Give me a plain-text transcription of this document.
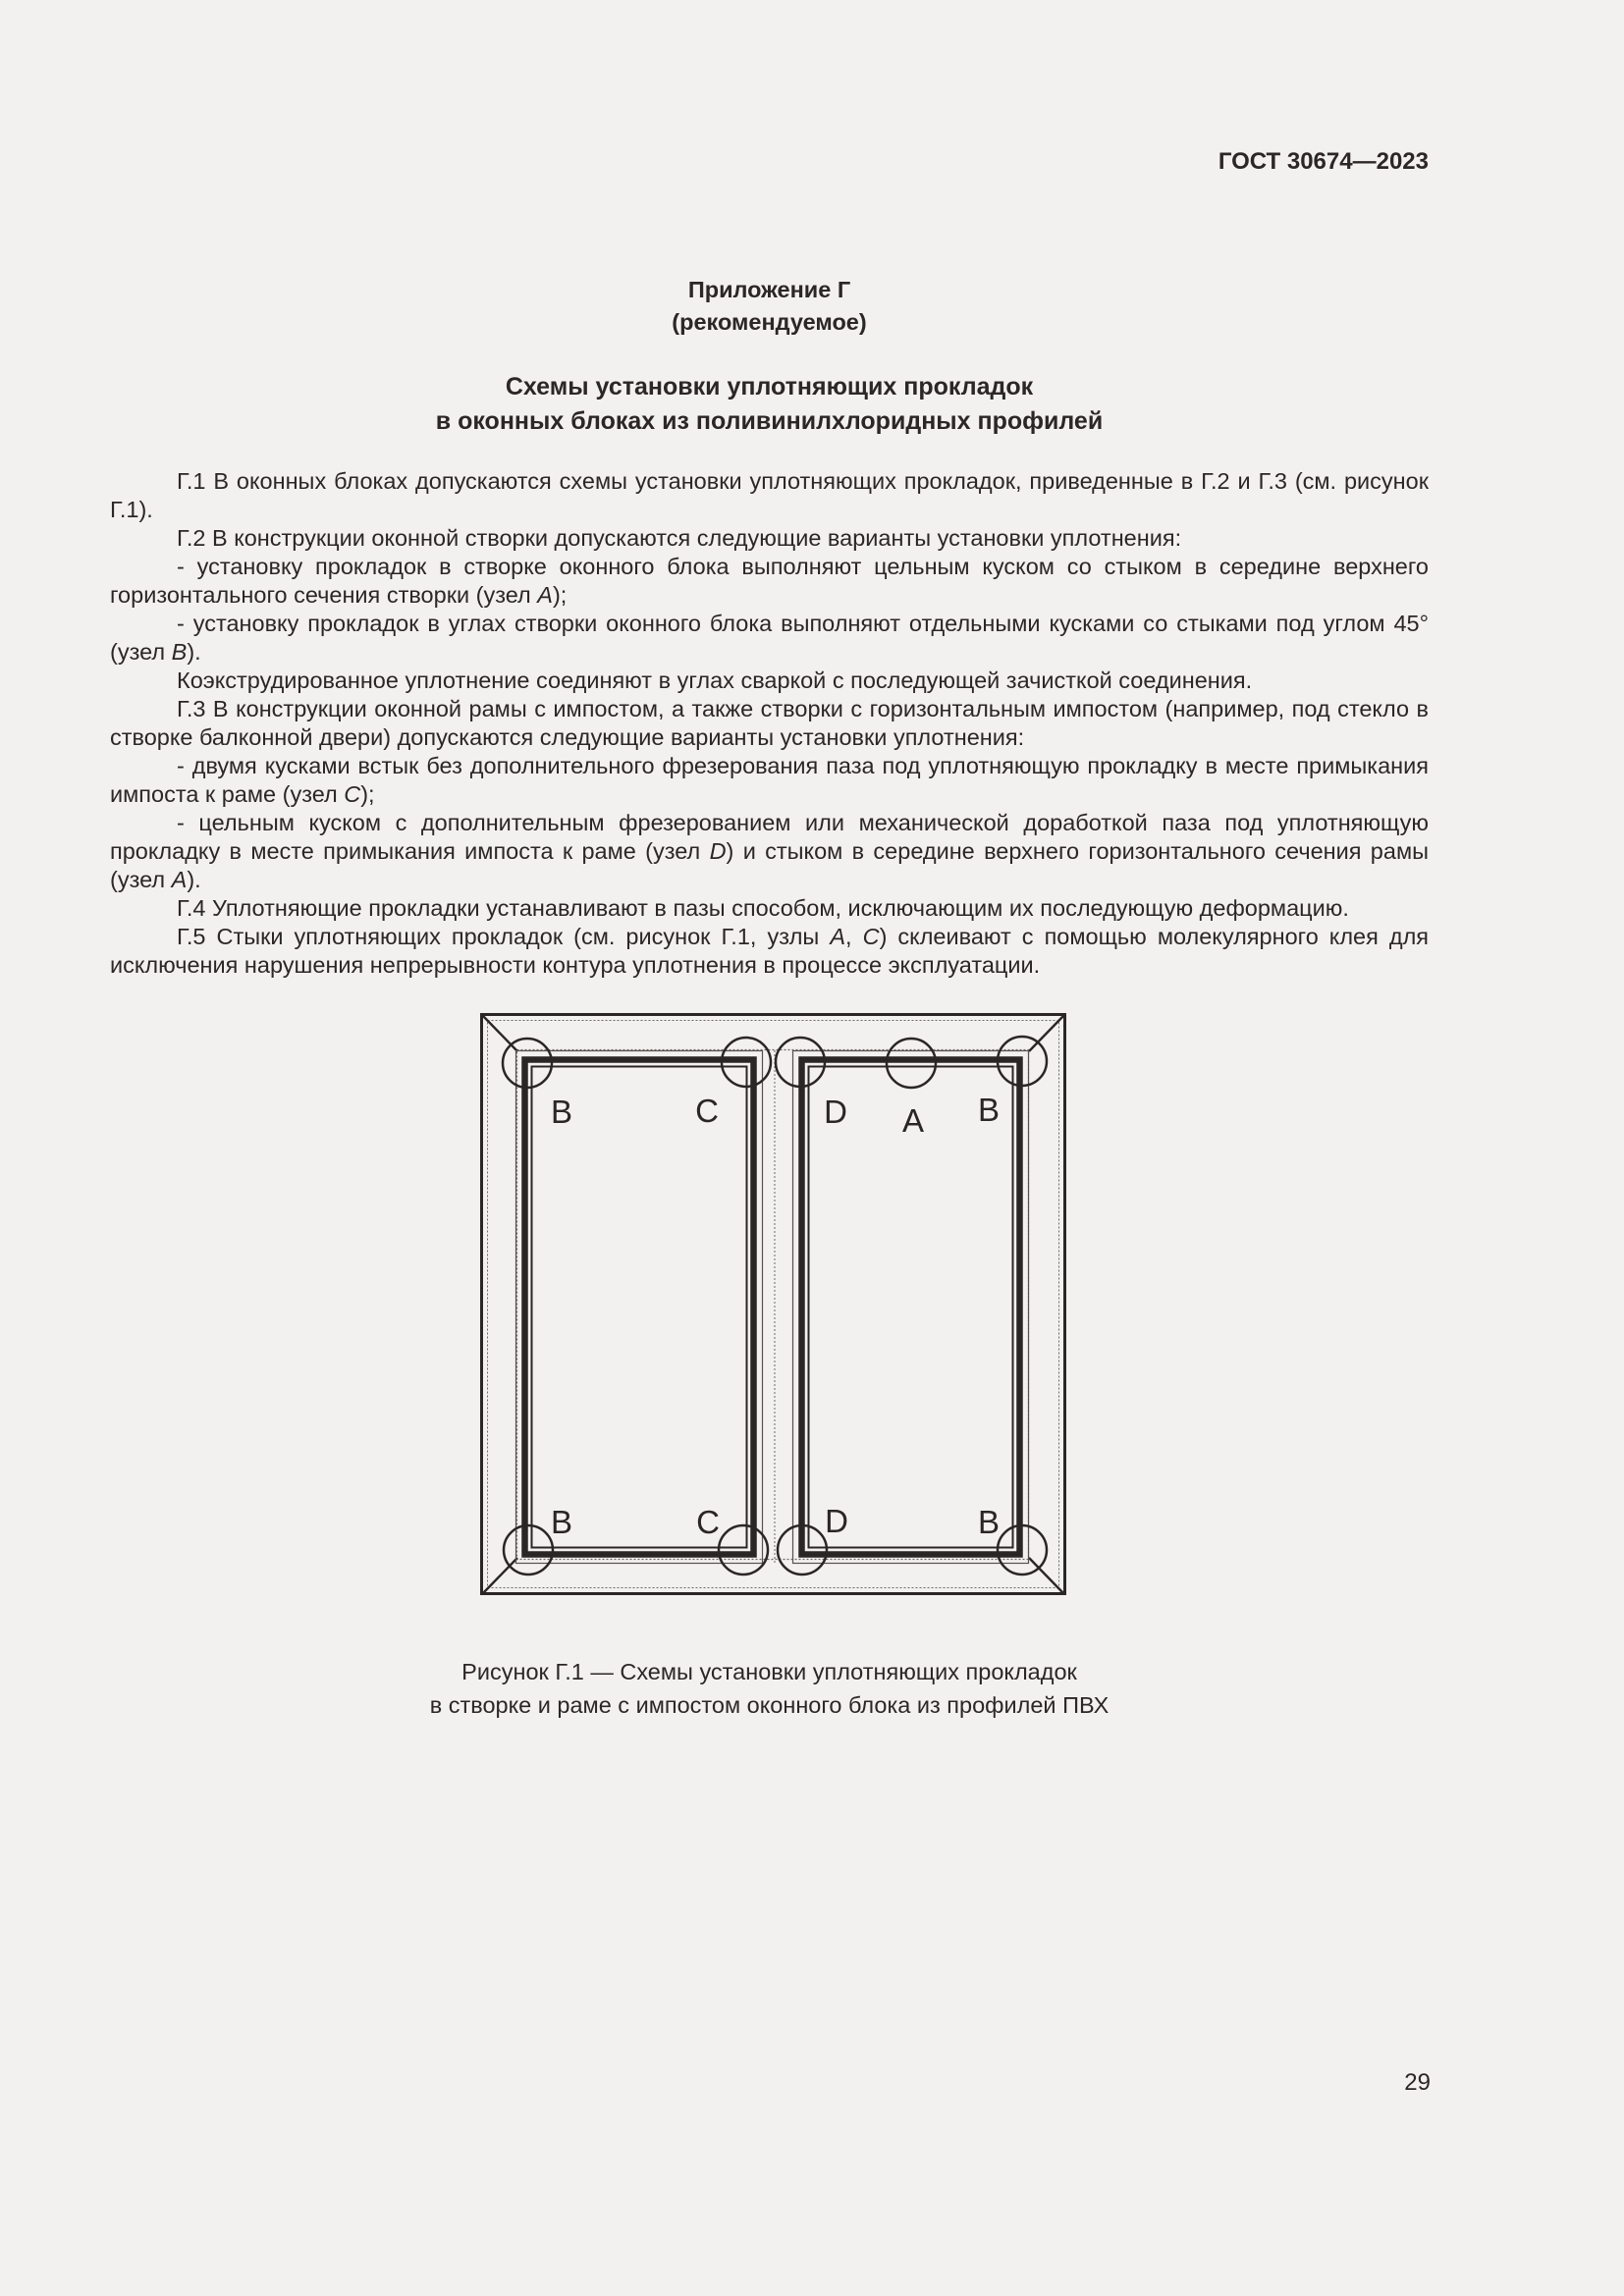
ГОСТ 30674—2023
Приложение Г
(рекомендуемое)
Схемы установки уплотняющих прокладок
в оконных блоках из поливинилхлоридных профилей

Г.1 В оконных блоках допускаются схемы установки уплотняющих прокладок, приведенные в Г.2 и Г.3 (см. рисунок Г.1).

Г.2 В конструкции оконной створки допускаются следующие варианты установки уплотнения:

- установку прокладок в створке оконного блока выполняют цельным куском со стыком в середине верхнего горизонтального сечения створки (узел A);

- установку прокладок в углах створки оконного блока выполняют отдельными кусками со стыками под углом 45° (узел B).

Коэкструдированное уплотнение соединяют в углах сваркой с последующей зачисткой соединения.

Г.3 В конструкции оконной рамы с импостом, а также створки с горизонтальным импостом (например, под стекло в створке балконной двери) допускаются следующие варианты установки уплотнения:

- двумя кусками встык без дополнительного фрезерования паза под уплотняющую прокладку в месте примыкания импоста к раме (узел C);

- цельным куском с дополнительным фрезерованием или механической доработкой паза под уплотняющую прокладку в месте примыкания импоста к раме (узел D) и стыком в середине верхнего горизонтального сечения рамы (узел A).

Г.4 Уплотняющие прокладки устанавливают в пазы способом, исключающим их последующую деформацию.

Г.5 Стыки уплотняющих прокладок (см. рисунок Г.1, узлы A, C) склеивают с помощью молекулярного клея для исключения нарушения непрерывности контура уплотнения в процессе эксплуатации.

B	C	D A B
B	C	D	B
Рисунок Г.1 — Схемы установки уплотняющих прокладок
в створке и раме с импостом оконного блока из профилей ПВХ
29
